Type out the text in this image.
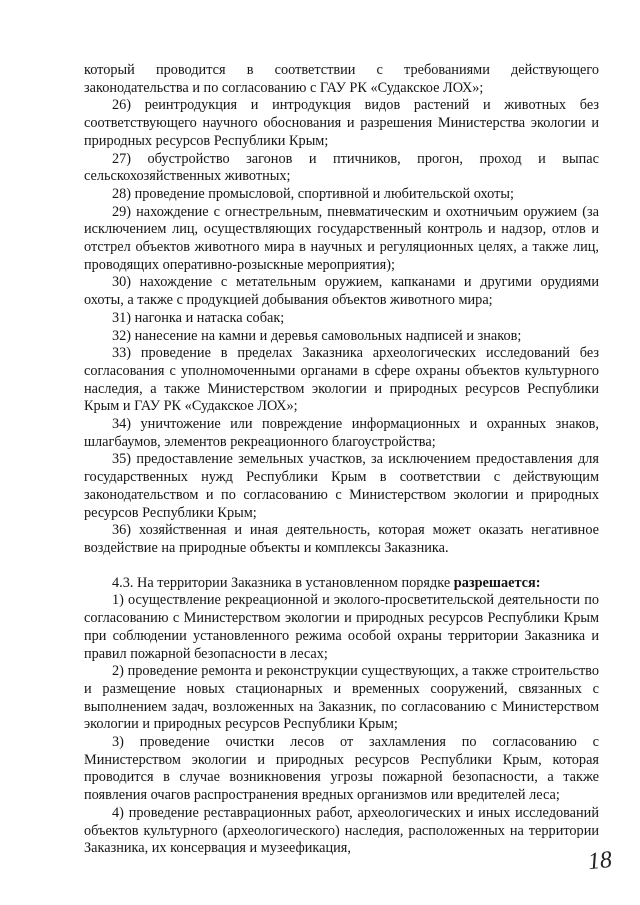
который проводится в соответствии с требованиями действующего законодательства и по согласованию с ГАУ РК «Судакское ЛОХ»;

26) реинтродукция и интродукция видов растений и животных без соответствующего научного обоснования и разрешения Министерства экологии и природных ресурсов Республики Крым;

27) обустройство загонов и птичников, прогон, проход и выпас сельскохозяйственных животных;

28) проведение промысловой, спортивной и любительской охоты;

29) нахождение с огнестрельным, пневматическим и охотничьим оружием (за исключением лиц, осуществляющих государственный контроль и надзор, отлов и отстрел объектов животного мира в научных и регуляционных целях, а также лиц, проводящих оперативно-розыскные мероприятия);

30) нахождение с метательным оружием, капканами и другими орудиями охоты, а также с продукцией добывания объектов животного мира;

31) нагонка и натаска собак;

32) нанесение на камни и деревья самовольных надписей и знаков;

33) проведение в пределах Заказника археологических исследований без согласования с уполномоченными органами в сфере охраны объектов культурного наследия, а также Министерством экологии и природных ресурсов Республики Крым и ГАУ РК «Судакское ЛОХ»;

34) уничтожение или повреждение информационных и охранных знаков, шлагбаумов, элементов рекреационного благоустройства;

35) предоставление земельных участков, за исключением предоставления для государственных нужд Республики Крым в соответствии с действующим законодательством и по согласованию с Министерством экологии и природных ресурсов Республики Крым;

36) хозяйственная и иная деятельность, которая может оказать негативное воздействие на природные объекты и комплексы Заказника.

4.3. На территории Заказника в установленном порядке разрешается:

1) осуществление рекреационной и эколого-просветительской деятельности по согласованию с Министерством экологии и природных ресурсов Республики Крым при соблюдении установленного режима особой охраны территории Заказника и правил пожарной безопасности в лесах;

2) проведение ремонта и реконструкции существующих, а также строительство и размещение новых стационарных и временных сооружений, связанных с выполнением задач, возложенных на Заказник, по согласованию с Министерством экологии и природных ресурсов Республики Крым;

3) проведение очистки лесов от захламления по согласованию с Министерством экологии и природных ресурсов Республики Крым, которая проводится в случае возникновения угрозы пожарной безопасности, а также появления очагов распространения вредных организмов или вредителей леса;

4) проведение реставрационных работ, археологических и иных исследований объектов культурного (археологического) наследия, расположенных на территории Заказника, их консервация и музеефикация,	18
